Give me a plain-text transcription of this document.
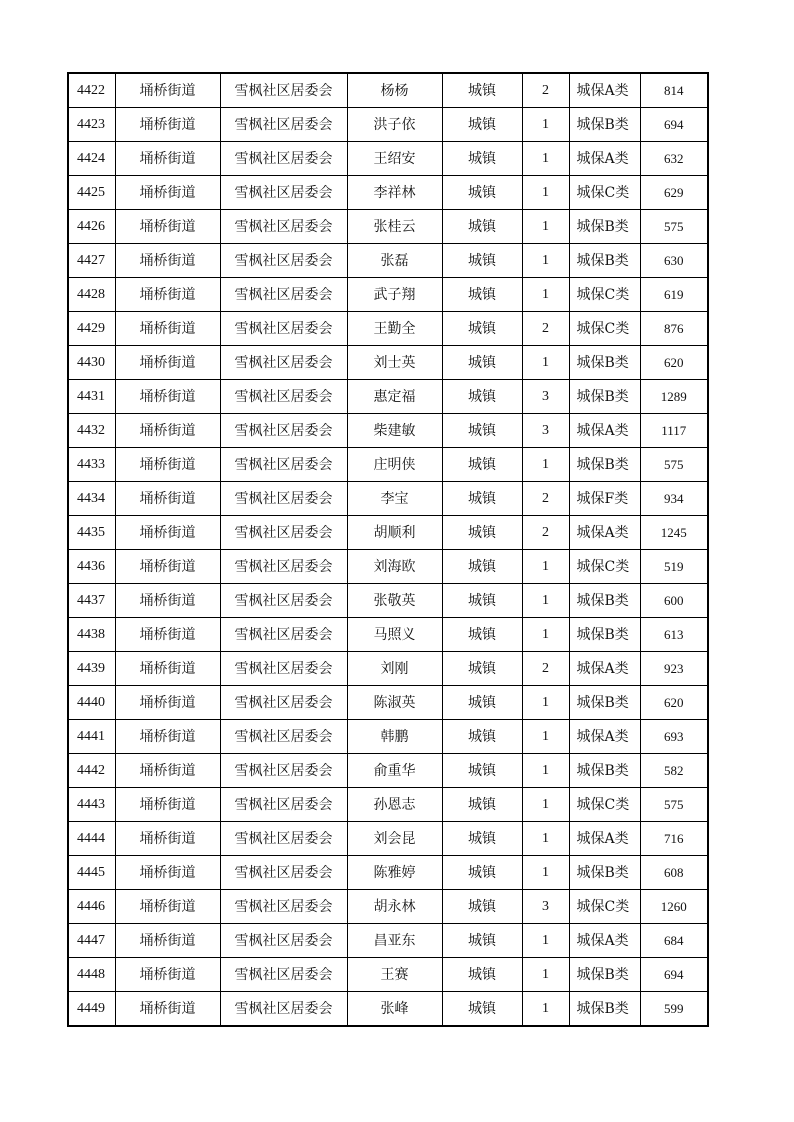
4422	埇桥街道	雪枫社区居委会	杨杨	城镇	2	城保A类	814
4423	埇桥街道	雪枫社区居委会	洪子依	城镇	1	城保B类	694
4424	埇桥街道	雪枫社区居委会	王绍安	城镇	1	城保A类	632
4425	埇桥街道	雪枫社区居委会	李祥林	城镇	1	城保C类	629
4426	埇桥街道	雪枫社区居委会	张桂云	城镇	1	城保B类	575
4427	埇桥街道	雪枫社区居委会	张磊	城镇	1	城保B类	630
4428	埇桥街道	雪枫社区居委会	武子翔	城镇	1	城保C类	619
4429	埇桥街道	雪枫社区居委会	王勤全	城镇	2	城保C类	876
4430	埇桥街道	雪枫社区居委会	刘士英	城镇	1	城保B类	620
4431	埇桥街道	雪枫社区居委会	惠定福	城镇	3	城保B类	1289
4432	埇桥街道	雪枫社区居委会	柴建敏	城镇	3	城保A类	1117
4433	埇桥街道	雪枫社区居委会	庄明侠	城镇	1	城保B类	575
4434	埇桥街道	雪枫社区居委会	李宝	城镇	2	城保F类	934
4435	埇桥街道	雪枫社区居委会	胡顺利	城镇	2	城保A类	1245
4436	埇桥街道	雪枫社区居委会	刘海欧	城镇	1	城保C类	519
4437	埇桥街道	雪枫社区居委会	张敬英	城镇	1	城保B类	600
4438	埇桥街道	雪枫社区居委会	马照义	城镇	1	城保B类	613
4439	埇桥街道	雪枫社区居委会	刘刚	城镇	2	城保A类	923
4440	埇桥街道	雪枫社区居委会	陈淑英	城镇	1	城保B类	620
4441	埇桥街道	雪枫社区居委会	韩鹏	城镇	1	城保A类	693
4442	埇桥街道	雪枫社区居委会	俞重华	城镇	1	城保B类	582
4443	埇桥街道	雪枫社区居委会	孙恩志	城镇	1	城保C类	575
4444	埇桥街道	雪枫社区居委会	刘会昆	城镇	1	城保A类	716
4445	埇桥街道	雪枫社区居委会	陈雅婷	城镇	1	城保B类	608
4446	埇桥街道	雪枫社区居委会	胡永林	城镇	3	城保C类	1260
4447	埇桥街道	雪枫社区居委会	昌亚东	城镇	1	城保A类	684
4448	埇桥街道	雪枫社区居委会	王赛	城镇	1	城保B类	694
4449	埇桥街道	雪枫社区居委会	张峰	城镇	1	城保B类	599
